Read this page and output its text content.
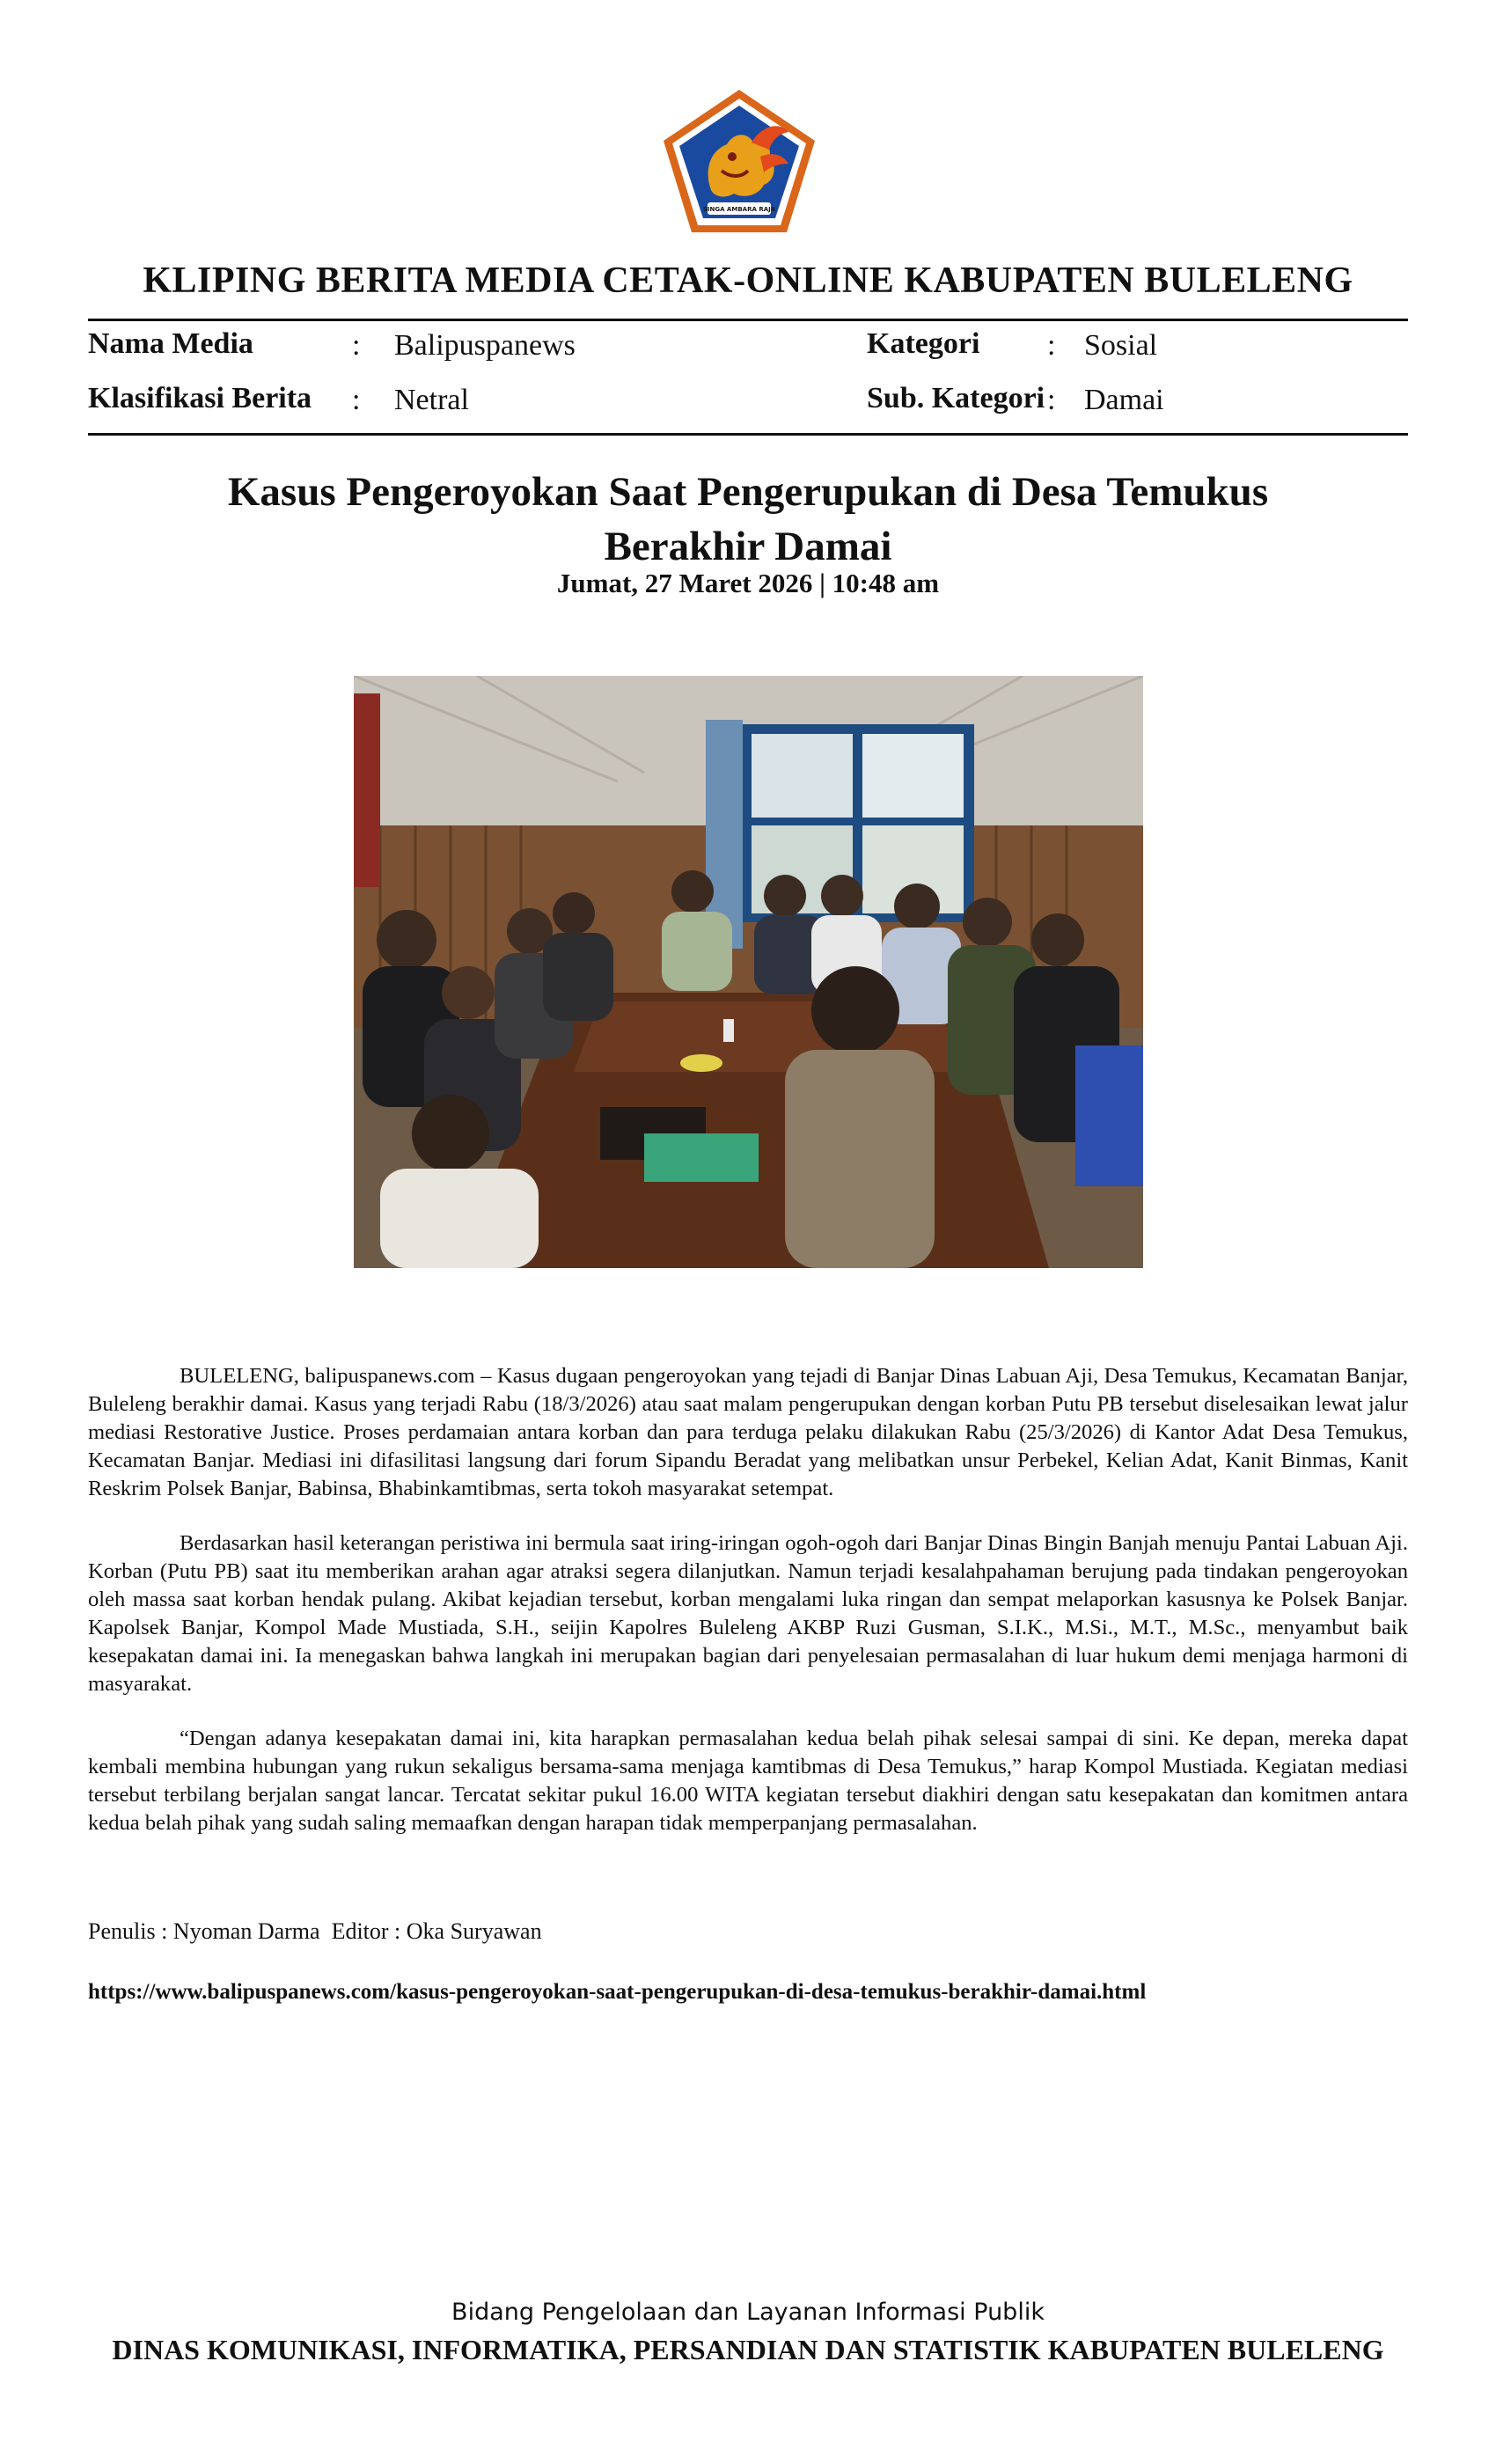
SINGA AMBARA RAJA
KLIPING BERITA MEDIA CETAK-ONLINE KABUPATEN BULELENG
Nama Media	: Balipuspanews
Klasifikasi Berita : Netral
Kategori : Sosial
Sub. Kategori : Damai
Kasus Pengeroyokan Saat Pengerupukan di Desa Temukus
Berakhir Damai
Jumat, 27 Maret 2026 | 10:48 am

BULELENG, balipuspanews.com – Kasus dugaan pengeroyokan yang tejadi di Banjar Dinas Labuan Aji, Desa Temukus, Kecamatan Banjar, Buleleng berakhir damai. Kasus yang terjadi Rabu (18/3/2026) atau saat malam pengerupukan dengan korban Putu PB tersebut diselesaikan lewat jalur mediasi Restorative Justice. Proses perdamaian antara korban dan para terduga pelaku dilakukan Rabu (25/3/2026) di Kantor Adat Desa Temukus, Kecamatan Banjar. Mediasi ini difasilitasi langsung dari forum Sipandu Beradat yang melibatkan unsur Perbekel, Kelian Adat, Kanit Binmas, Kanit Reskrim Polsek Banjar, Babinsa, Bhabinkamtibmas, serta tokoh masyarakat setempat.

Berdasarkan hasil keterangan peristiwa ini bermula saat iring-iringan ogoh-ogoh dari Banjar Dinas Bingin Banjah menuju Pantai Labuan Aji. Korban (Putu PB) saat itu memberikan arahan agar atraksi segera dilanjutkan. Namun terjadi kesalahpahaman berujung pada tindakan pengeroyokan oleh massa saat korban hendak pulang. Akibat kejadian tersebut, korban mengalami luka ringan dan sempat melaporkan kasusnya ke Polsek Banjar. Kapolsek Banjar, Kompol Made Mustiada, S.H., seijin Kapolres Buleleng AKBP Ruzi Gusman, S.I.K., M.Si., M.T., M.Sc., menyambut baik kesepakatan damai ini. Ia menegaskan bahwa langkah ini merupakan bagian dari penyelesaian permasalahan di luar hukum demi menjaga harmoni di masyarakat.

“Dengan adanya kesepakatan damai ini, kita harapkan permasalahan kedua belah pihak selesai sampai di sini. Ke depan, mereka dapat kembali membina hubungan yang rukun sekaligus bersama-sama menjaga kamtibmas di Desa Temukus,” harap Kompol Mustiada. Kegiatan mediasi tersebut terbilang berjalan sangat lancar. Tercatat sekitar pukul 16.00 WITA kegiatan tersebut diakhiri dengan satu kesepakatan dan komitmen antara kedua belah pihak yang sudah saling memaafkan dengan harapan tidak memperpanjang permasalahan.

Penulis : Nyoman Darma  Editor : Oka Suryawan
https://www.balipuspanews.com/kasus-pengeroyokan-saat-pengerupukan-di-desa-temukus-berakhir-damai.html
Bidang Pengelolaan dan Layanan Informasi Publik
DINAS KOMUNIKASI, INFORMATIKA, PERSANDIAN DAN STATISTIK KABUPATEN BULELENG
